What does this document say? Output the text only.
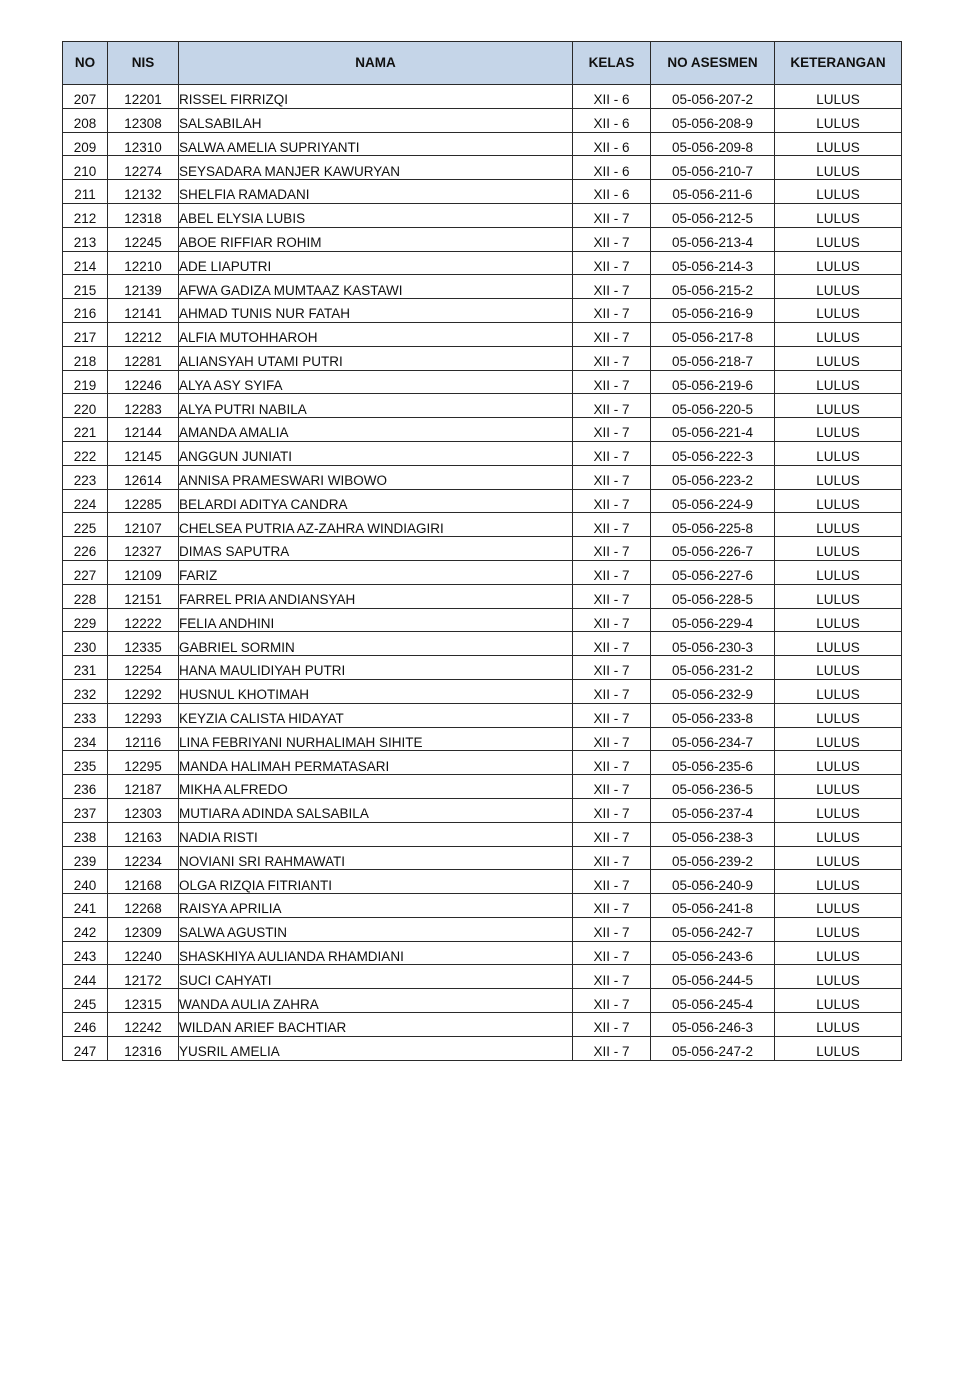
NO	NIS	NAMA	KELAS	NO ASESMEN	KETERANGAN
207	12201	RISSEL FIRRIZQI	XII - 6	05-056-207-2	LULUS
208	12308	SALSABILAH	XII - 6	05-056-208-9	LULUS
209	12310	SALWA AMELIA SUPRIYANTI	XII - 6	05-056-209-8	LULUS
210	12274	SEYSADARA MANJER KAWURYAN	XII - 6	05-056-210-7	LULUS
211	12132	SHELFIA RAMADANI	XII - 6	05-056-211-6	LULUS
212	12318	ABEL ELYSIA LUBIS	XII - 7	05-056-212-5	LULUS
213	12245	ABOE RIFFIAR ROHIM	XII - 7	05-056-213-4	LULUS
214	12210	ADE LIAPUTRI	XII - 7	05-056-214-3	LULUS
215	12139	AFWA GADIZA MUMTAAZ KASTAWI	XII - 7	05-056-215-2	LULUS
216	12141	AHMAD TUNIS NUR FATAH	XII - 7	05-056-216-9	LULUS
217	12212	ALFIA MUTOHHAROH	XII - 7	05-056-217-8	LULUS
218	12281	ALIANSYAH UTAMI PUTRI	XII - 7	05-056-218-7	LULUS
219	12246	ALYA ASY SYIFA	XII - 7	05-056-219-6	LULUS
220	12283	ALYA PUTRI NABILA	XII - 7	05-056-220-5	LULUS
221	12144	AMANDA AMALIA	XII - 7	05-056-221-4	LULUS
222	12145	ANGGUN JUNIATI	XII - 7	05-056-222-3	LULUS
223	12614	ANNISA PRAMESWARI WIBOWO	XII - 7	05-056-223-2	LULUS
224	12285	BELARDI ADITYA CANDRA	XII - 7	05-056-224-9	LULUS
225	12107	CHELSEA PUTRIA AZ-ZAHRA WINDIAGIRI	XII - 7	05-056-225-8	LULUS
226	12327	DIMAS SAPUTRA	XII - 7	05-056-226-7	LULUS
227	12109	FARIZ	XII - 7	05-056-227-6	LULUS
228	12151	FARREL PRIA ANDIANSYAH	XII - 7	05-056-228-5	LULUS
229	12222	FELIA ANDHINI	XII - 7	05-056-229-4	LULUS
230	12335	GABRIEL SORMIN	XII - 7	05-056-230-3	LULUS
231	12254	HANA MAULIDIYAH PUTRI	XII - 7	05-056-231-2	LULUS
232	12292	HUSNUL KHOTIMAH	XII - 7	05-056-232-9	LULUS
233	12293	KEYZIA CALISTA HIDAYAT	XII - 7	05-056-233-8	LULUS
234	12116	LINA FEBRIYANI NURHALIMAH SIHITE	XII - 7	05-056-234-7	LULUS
235	12295	MANDA HALIMAH PERMATASARI	XII - 7	05-056-235-6	LULUS
236	12187	MIKHA ALFREDO	XII - 7	05-056-236-5	LULUS
237	12303	MUTIARA ADINDA SALSABILA	XII - 7	05-056-237-4	LULUS
238	12163	NADIA RISTI	XII - 7	05-056-238-3	LULUS
239	12234	NOVIANI SRI RAHMAWATI	XII - 7	05-056-239-2	LULUS
240	12168	OLGA RIZQIA FITRIANTI	XII - 7	05-056-240-9	LULUS
241	12268	RAISYA APRILIA	XII - 7	05-056-241-8	LULUS
242	12309	SALWA AGUSTIN	XII - 7	05-056-242-7	LULUS
243	12240	SHASKHIYA AULIANDA RHAMDIANI	XII - 7	05-056-243-6	LULUS
244	12172	SUCI CAHYATI	XII - 7	05-056-244-5	LULUS
245	12315	WANDA AULIA ZAHRA	XII - 7	05-056-245-4	LULUS
246	12242	WILDAN ARIEF BACHTIAR	XII - 7	05-056-246-3	LULUS
247	12316	YUSRIL AMELIA	XII - 7	05-056-247-2	LULUS
